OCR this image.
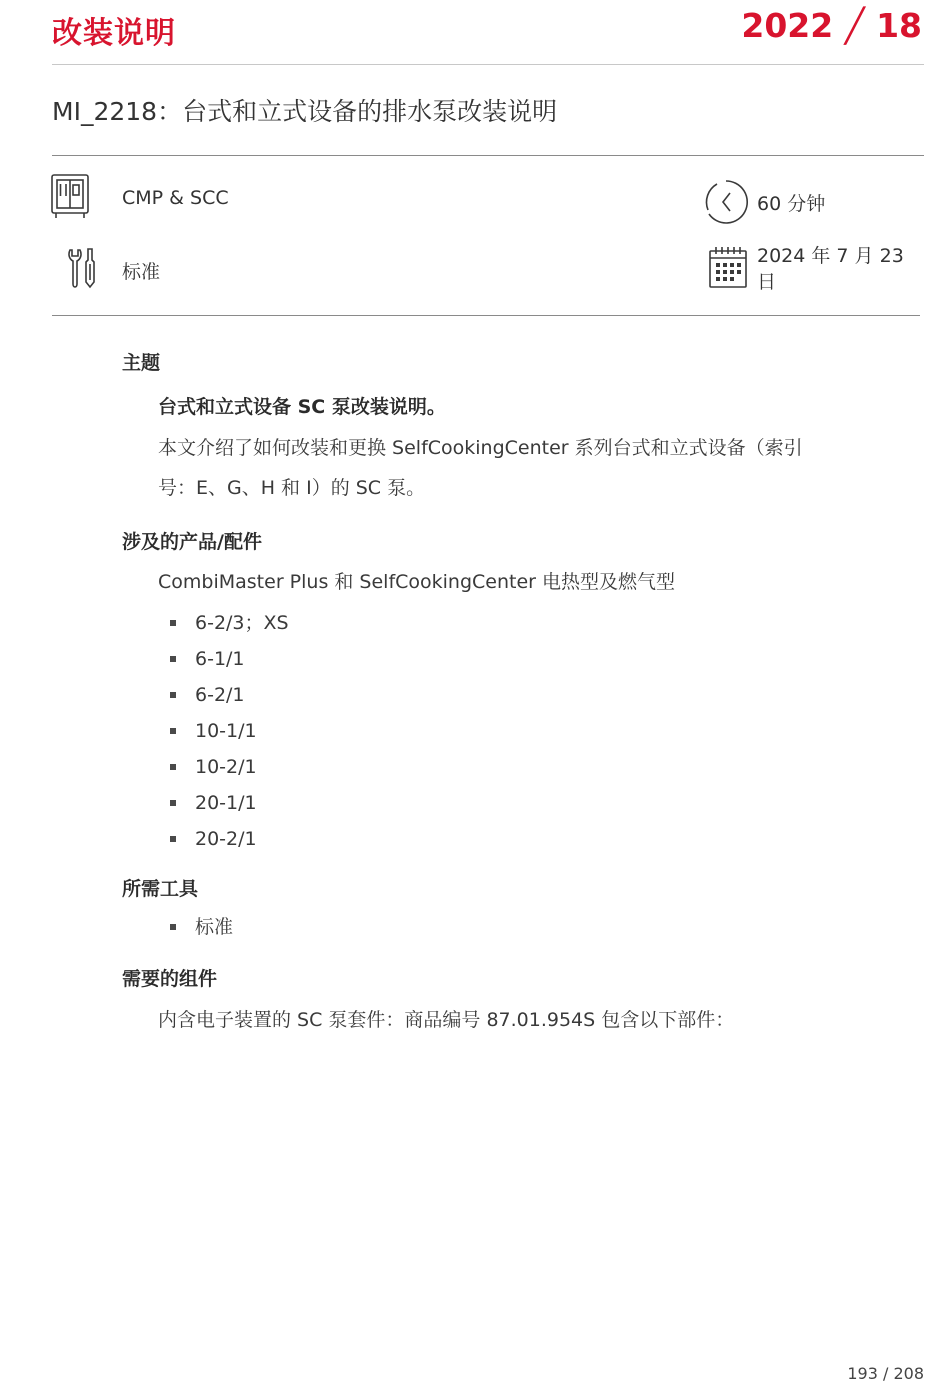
改装说明	2022 ╱ 18
MI_2218：台式和立式设备的排水泵改装说明
CMP & SCC
标准
60 分钟
2024 年 7 月 23
日
主题
台式和立式设备 SC 泵改装说明。
本文介绍了如何改装和更换 SelfCookingCenter 系列台式和立式设备（索引
号：E、G、H 和 I）的 SC 泵。
涉及的产品/配件
CombiMaster Plus 和 SelfCookingCenter 电热型及燃气型
6-2/3；XS
6-1/1
6-2/1
10-1/1
10-2/1
20-1/1
20-2/1
所需工具
标准
需要的组件
内含电子装置的 SC 泵套件：商品编号 87.01.954S 包含以下部件：
193 / 208
